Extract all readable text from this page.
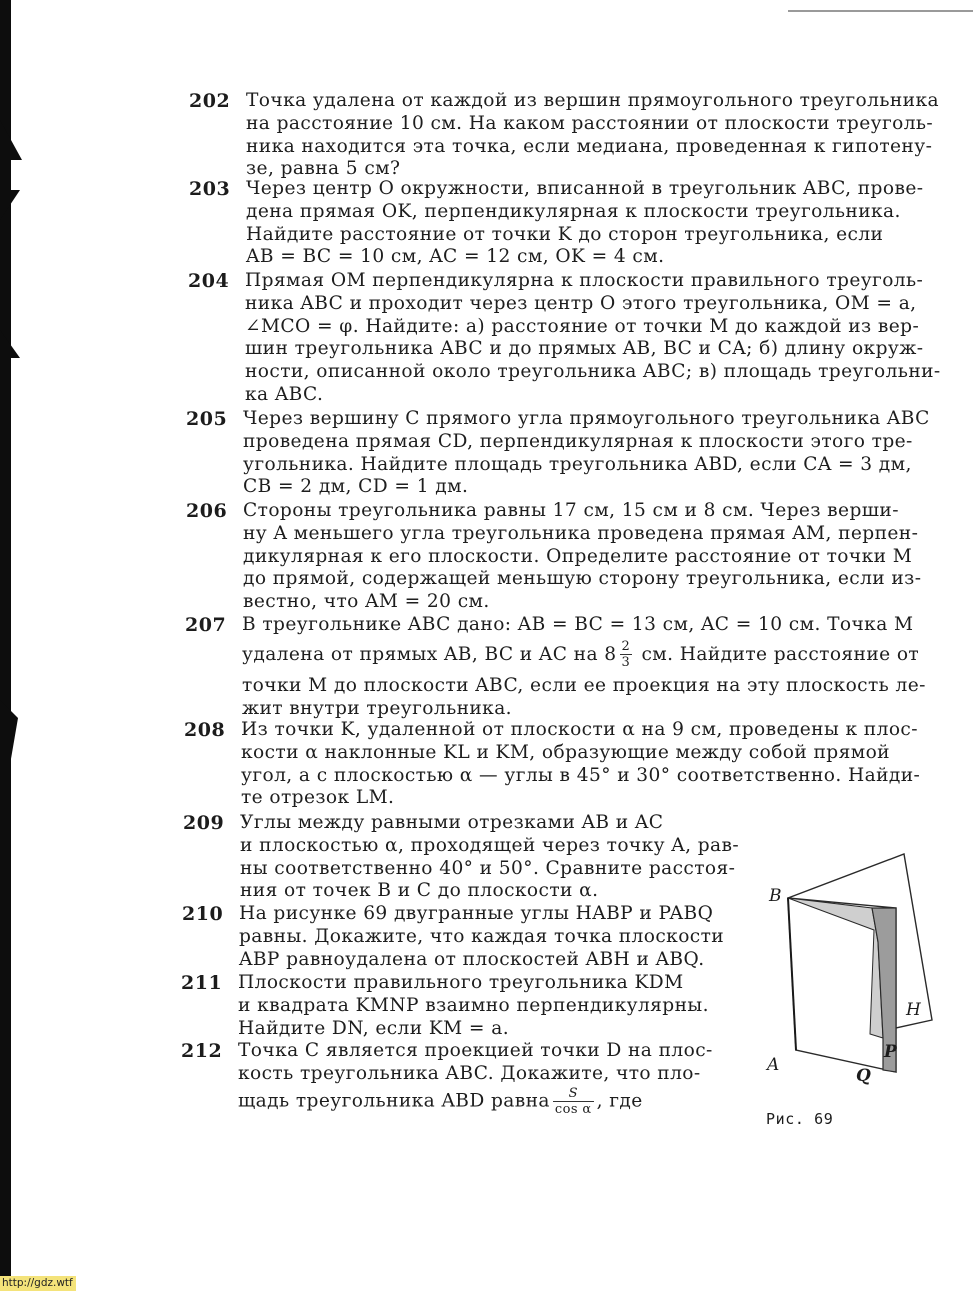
202 Точка удалена от каждой из вершин прямоугольного треугольника
на расстояние 10 см. На каком расстоянии от плоскости треуголь-
ника находится эта точка, если медиана, проведенная к гипотену-
зе, равна 5 см?
203 Через центр O окружности, вписанной в треугольник ABC, прове-
дена прямая OK, перпендикулярная к плоскости треугольника.
Найдите расстояние от точки K до сторон треугольника, если
AB = BC = 10 см, AC = 12 см, OK = 4 см.
204 Прямая OM перпендикулярна к плоскости правильного треуголь-
ника ABC и проходит через центр O этого треугольника, OM = a,
∠MCO = φ. Найдите: а) расстояние от точки M до каждой из вер-
шин треугольника ABC и до прямых AB, BC и CA; б) длину окруж-
ности, описанной около треугольника ABC; в) площадь треугольни-
ка ABC.
205 Через вершину C прямого угла прямоугольного треугольника ABC
проведена прямая CD, перпендикулярная к плоскости этого тре-
угольника. Найдите площадь треугольника ABD, если CA = 3 дм,
CB = 2 дм, CD = 1 дм.
206 Стороны треугольника равны 17 см, 15 см и 8 см. Через верши-
ну A меньшего угла треугольника проведена прямая AM, перпен-
дикулярная к его плоскости. Определите расстояние от точки M
до прямой, содержащей меньшую сторону треугольника, если из-
вестно, что AM = 20 см.
207 В треугольнике ABC дано: AB = BC = 13 см, AC = 10 см. Точка M
удалена от прямых AB, BC и AC на $8 \frac{2}{3}$ см. Найдите расстояние от
точки M до плоскости ABC, если ее проекция на эту плоскость ле-
жит внутри треугольника.
208 Из точки K, удаленной от плоскости α на 9 см, проведены к плос-
кости α наклонные KL и KM, образующие между собой прямой
угол, а с плоскостью α — углы в 45° и 30° соответственно. Найди-
те отрезок LM.
209 Углы между равными отрезками AB и AC
и плоскостью α, проходящей через точку A, рав-
ны соответственно 40° и 50°. Сравните расстоя-
ния от точек B и C до плоскости α.
210 На рисунке 69 двугранные углы HABP и PABQ
равны. Докажите, что каждая точка плоскости
ABP равноудалена от плоскостей ABH и ABQ.
211 Плоскости правильного треугольника KDM
и квадрата KMNP взаимно перпендикулярны.
Найдите DN, если KM = a.
212 Точка C является проекцией точки D на плос-
кость треугольника ABC. Докажите, что пло-
щадь треугольника ABD равна $\frac{S}{\text{cos α}}$ , где
B
A
H
P
Q
Рис. 69
http://gdz.wtf
